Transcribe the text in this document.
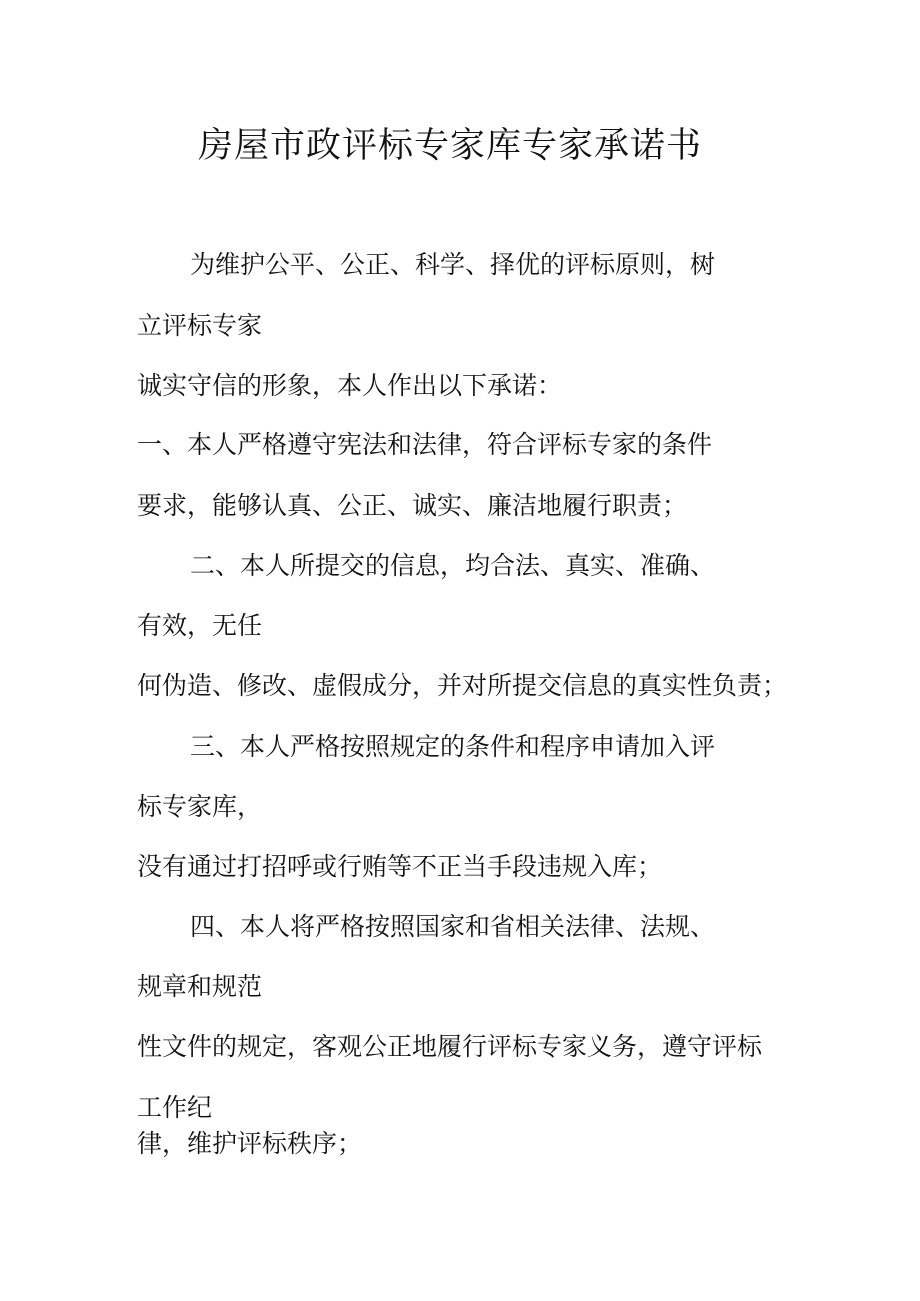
房屋市政评标专家库专家承诺书
为维护公平、公正、科学、择优的评标原则，树
立评标专家
诚实守信的形象，本人作出以下承诺：
一、本人严格遵守宪法和法律，符合评标专家的条件
要求，能够认真、公正、诚实、廉洁地履行职责；
二、本人所提交的信息，均合法、真实、准确、
有效，无任
何伪造、修改、虚假成分，并对所提交信息的真实性负责；
三、本人严格按照规定的条件和程序申请加入评
标专家库，
没有通过打招呼或行贿等不正当手段违规入库；
四、本人将严格按照国家和省相关法律、法规、
规章和规范
性文件的规定，客观公正地履行评标专家义务，遵守评标
工作纪
律，维护评标秩序；
